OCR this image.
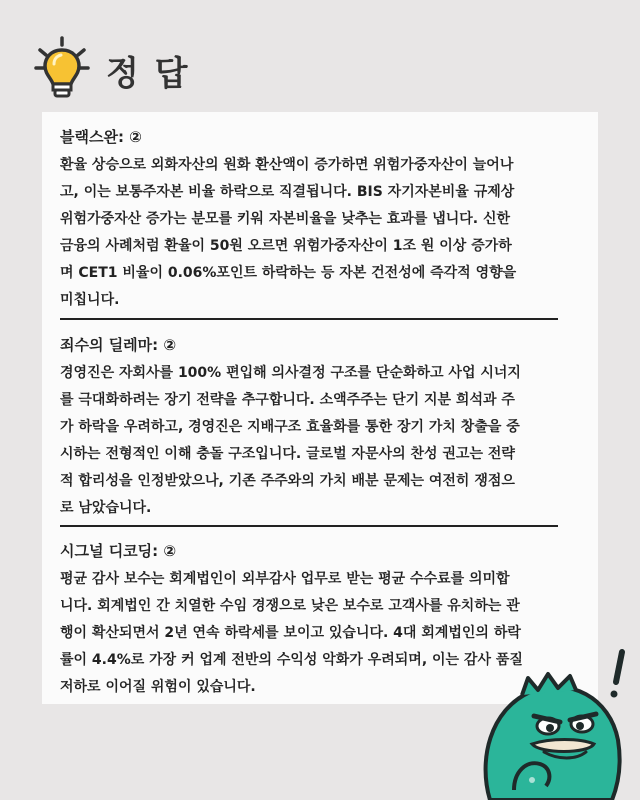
정 답
블랙스완: ②
환율 상승으로 외화자산의 원화 환산액이 증가하면 위험가중자산이 늘어나
고, 이는 보통주자본 비율 하락으로 직결됩니다. BIS 자기자본비율 규제상
위험가중자산 증가는 분모를 키워 자본비율을 낮추는 효과를 냅니다. 신한
금융의 사례처럼 환율이 50원 오르면 위험가중자산이 1조 원 이상 증가하
며 CET1 비율이 0.06%포인트 하락하는 등 자본 건전성에 즉각적 영향을
미칩니다.
죄수의 딜레마: ②
경영진은 자회사를 100% 편입해 의사결정 구조를 단순화하고 사업 시너지
를 극대화하려는 장기 전략을 추구합니다. 소액주주는 단기 지분 희석과 주
가 하락을 우려하고, 경영진은 지배구조 효율화를 통한 장기 가치 창출을 중
시하는 전형적인 이해 충돌 구조입니다. 글로벌 자문사의 찬성 권고는 전략
적 합리성을 인정받았으나, 기존 주주와의 가치 배분 문제는 여전히 쟁점으
로 남았습니다.
시그널 디코딩: ②
평균 감사 보수는 회계법인이 외부감사 업무로 받는 평균 수수료를 의미합
니다. 회계법인 간 치열한 수임 경쟁으로 낮은 보수로 고객사를 유치하는 관
행이 확산되면서 2년 연속 하락세를 보이고 있습니다. 4대 회계법인의 하락
률이 4.4%로 가장 커 업계 전반의 수익성 악화가 우려되며, 이는 감사 품질
저하로 이어질 위험이 있습니다.
